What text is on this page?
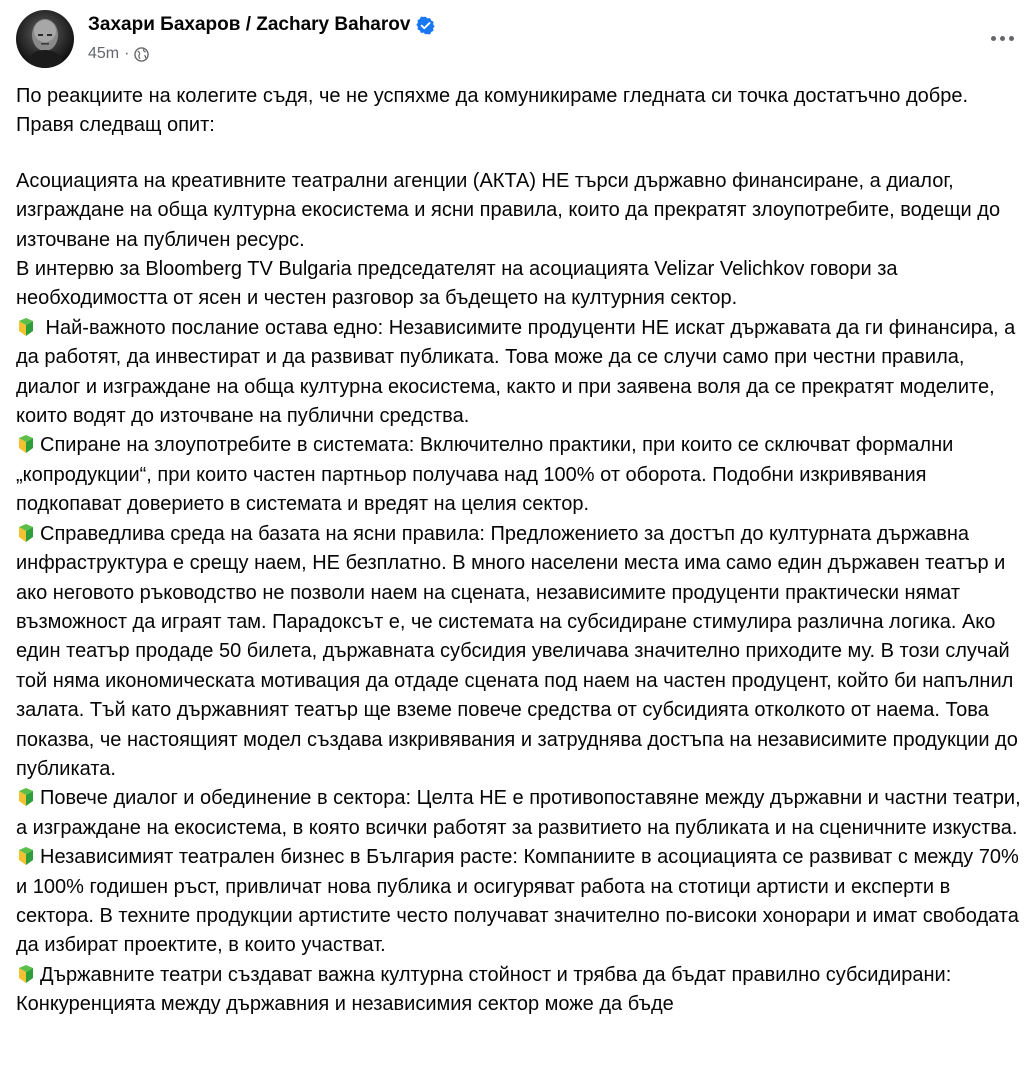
Захари Бахаров / Zachary Baharov
45m ·

По реакциите на колегите съдя, че не успяхме да комуникираме гледната си точка достатъчно добре. Правя следващ опит:

Асоциацията на креативните театрални агенции (АКТА) НЕ търси държавно финансиране, а диалог, изграждане на обща културна екосистема и ясни правила, които да прекратят злоупотребите, водещи до източване на публичен ресурс.

В интервю за Bloomberg TV Bulgaria председателят на асоциацията Velizar Velichkov говори за необходимостта от ясен и честен разговор за бъдещето на културния сектор.

Най-важното послание остава едно: Независимите продуценти НЕ искат държавата да ги финансира, а да работят, да инвестират и да развиват публиката. Това може да се случи само при честни правила, диалог и изграждане на обща културна екосистема, както и при заявена воля да се прекратят моделите, които водят до източване на публични средства.

Спиране на злоупотребите в системата: Включително практики, при които се сключват формални „копродукции“, при които частен партньор получава над 100% от оборота. Подобни изкривявания подкопават доверието в системата и вредят на целия сектор.

Справедлива среда на базата на ясни правила: Предложението за достъп до културната държавна инфраструктура е срещу наем, НЕ безплатно. В много населени места има само един държавен театър и ако неговото ръководство не позволи наем на сцената, независимите продуценти практически нямат възможност да играят там. Парадоксът е, че системата на субсидиране стимулира различна логика. Ако един театър продаде 50 билета, държавната субсидия увеличава значително приходите му. В този случай той няма икономическата мотивация да отдаде сцената под наем на частен продуцент, който би напълнил залата. Тъй като държавният театър ще вземе повече средства от субсидията отколкото от наема. Това показва, че настоящият модел създава изкривявания и затруднява достъпа на независимите продукции до публиката.

Повече диалог и обединение в сектора: Целта НЕ е противопоставяне между държавни и частни театри, а изграждане на екосистема, в която всички работят за развитието на публиката и на сценичните изкуства.

Независимият театрален бизнес в България расте: Компаниите в асоциацията се развиват с между 70% и 100% годишен ръст, привличат нова публика и осигуряват работа на стотици артисти и експерти в сектора. В техните продукции артистите често получават значително по-високи хонорари и имат свободата да избират проектите, в които участват.

Държавните театри създават важна културна стойност и трябва да бъдат правилно субсидирани: Конкуренцията между държавния и независимия сектор може да бъде
